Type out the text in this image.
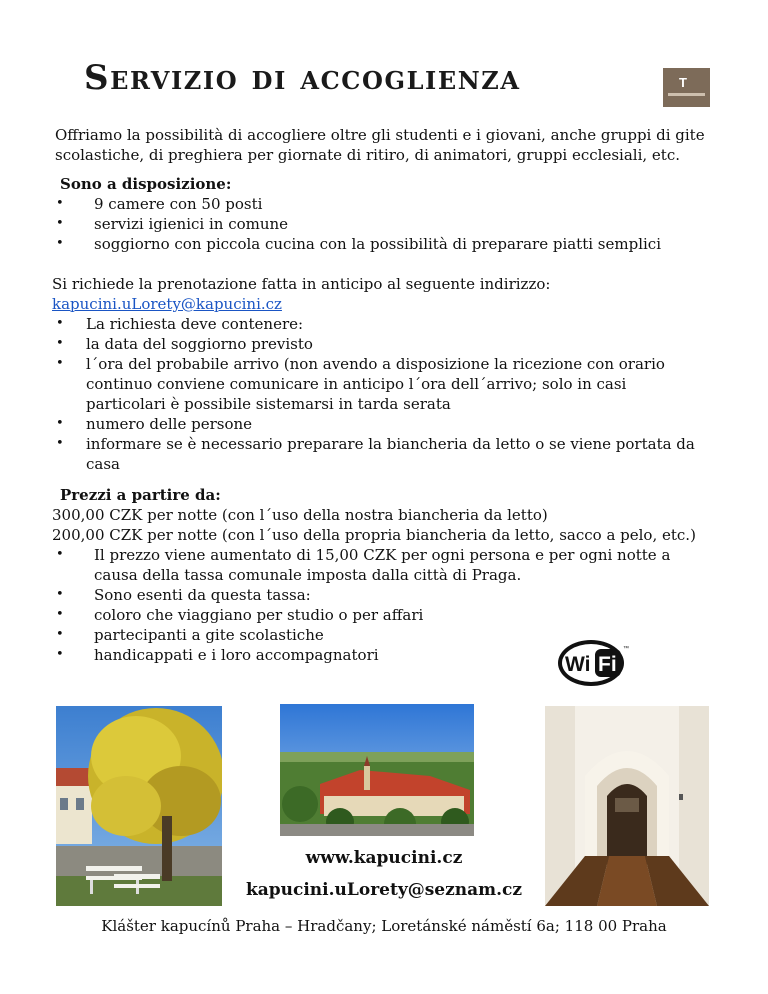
Servizio di accoglienza	T
Offriamo la possibilità di accogliere oltre gli studenti e i giovani, anche gruppi di gite scolastiche, di preghiera per giornate di ritiro, di animatori, gruppi ecclesiali, etc.
Sono a disposizione:
• 9 camere con 50 posti
• servizi igienici in comune
• soggiorno con piccola cucina con la possibilità di preparare piatti semplici
Si richiede la prenotazione fatta in anticipo al seguente indirizzo:
kapucini.uLorety@kapucini.cz
• La richiesta deve contenere:
• la data del soggiorno previsto
• l´ora del probabile arrivo (non avendo a disposizione la ricezione con orario continuo conviene comunicare in anticipo l´ora dell´arrivo; solo in casi particolari è possibile sistemarsi in tarda serata
• numero delle persone
• informare se è necessario preparare la biancheria da letto o se viene portata da casa
Prezzi a partire da:
300,00 CZK per notte (con l´uso della nostra biancheria da letto)
200,00 CZK per notte (con l´uso della propria biancheria da letto, sacco a pelo, etc.)
• Il prezzo viene aumentato di 15,00 CZK per ogni persona e per ogni notte a causa della tassa comunale imposta dalla città di Praga.
• Sono esenti da questa tassa:
• coloro che viaggiano per studio o per affari
• partecipanti a gite scolastiche
• handicappati e i loro accompagnatori	Wi Fi
™
www.kapucini.cz
kapucini.uLorety@seznam.cz
Klášter kapucínů Praha – Hradčany; Loretánské náměstí 6a; 118 00 Praha
